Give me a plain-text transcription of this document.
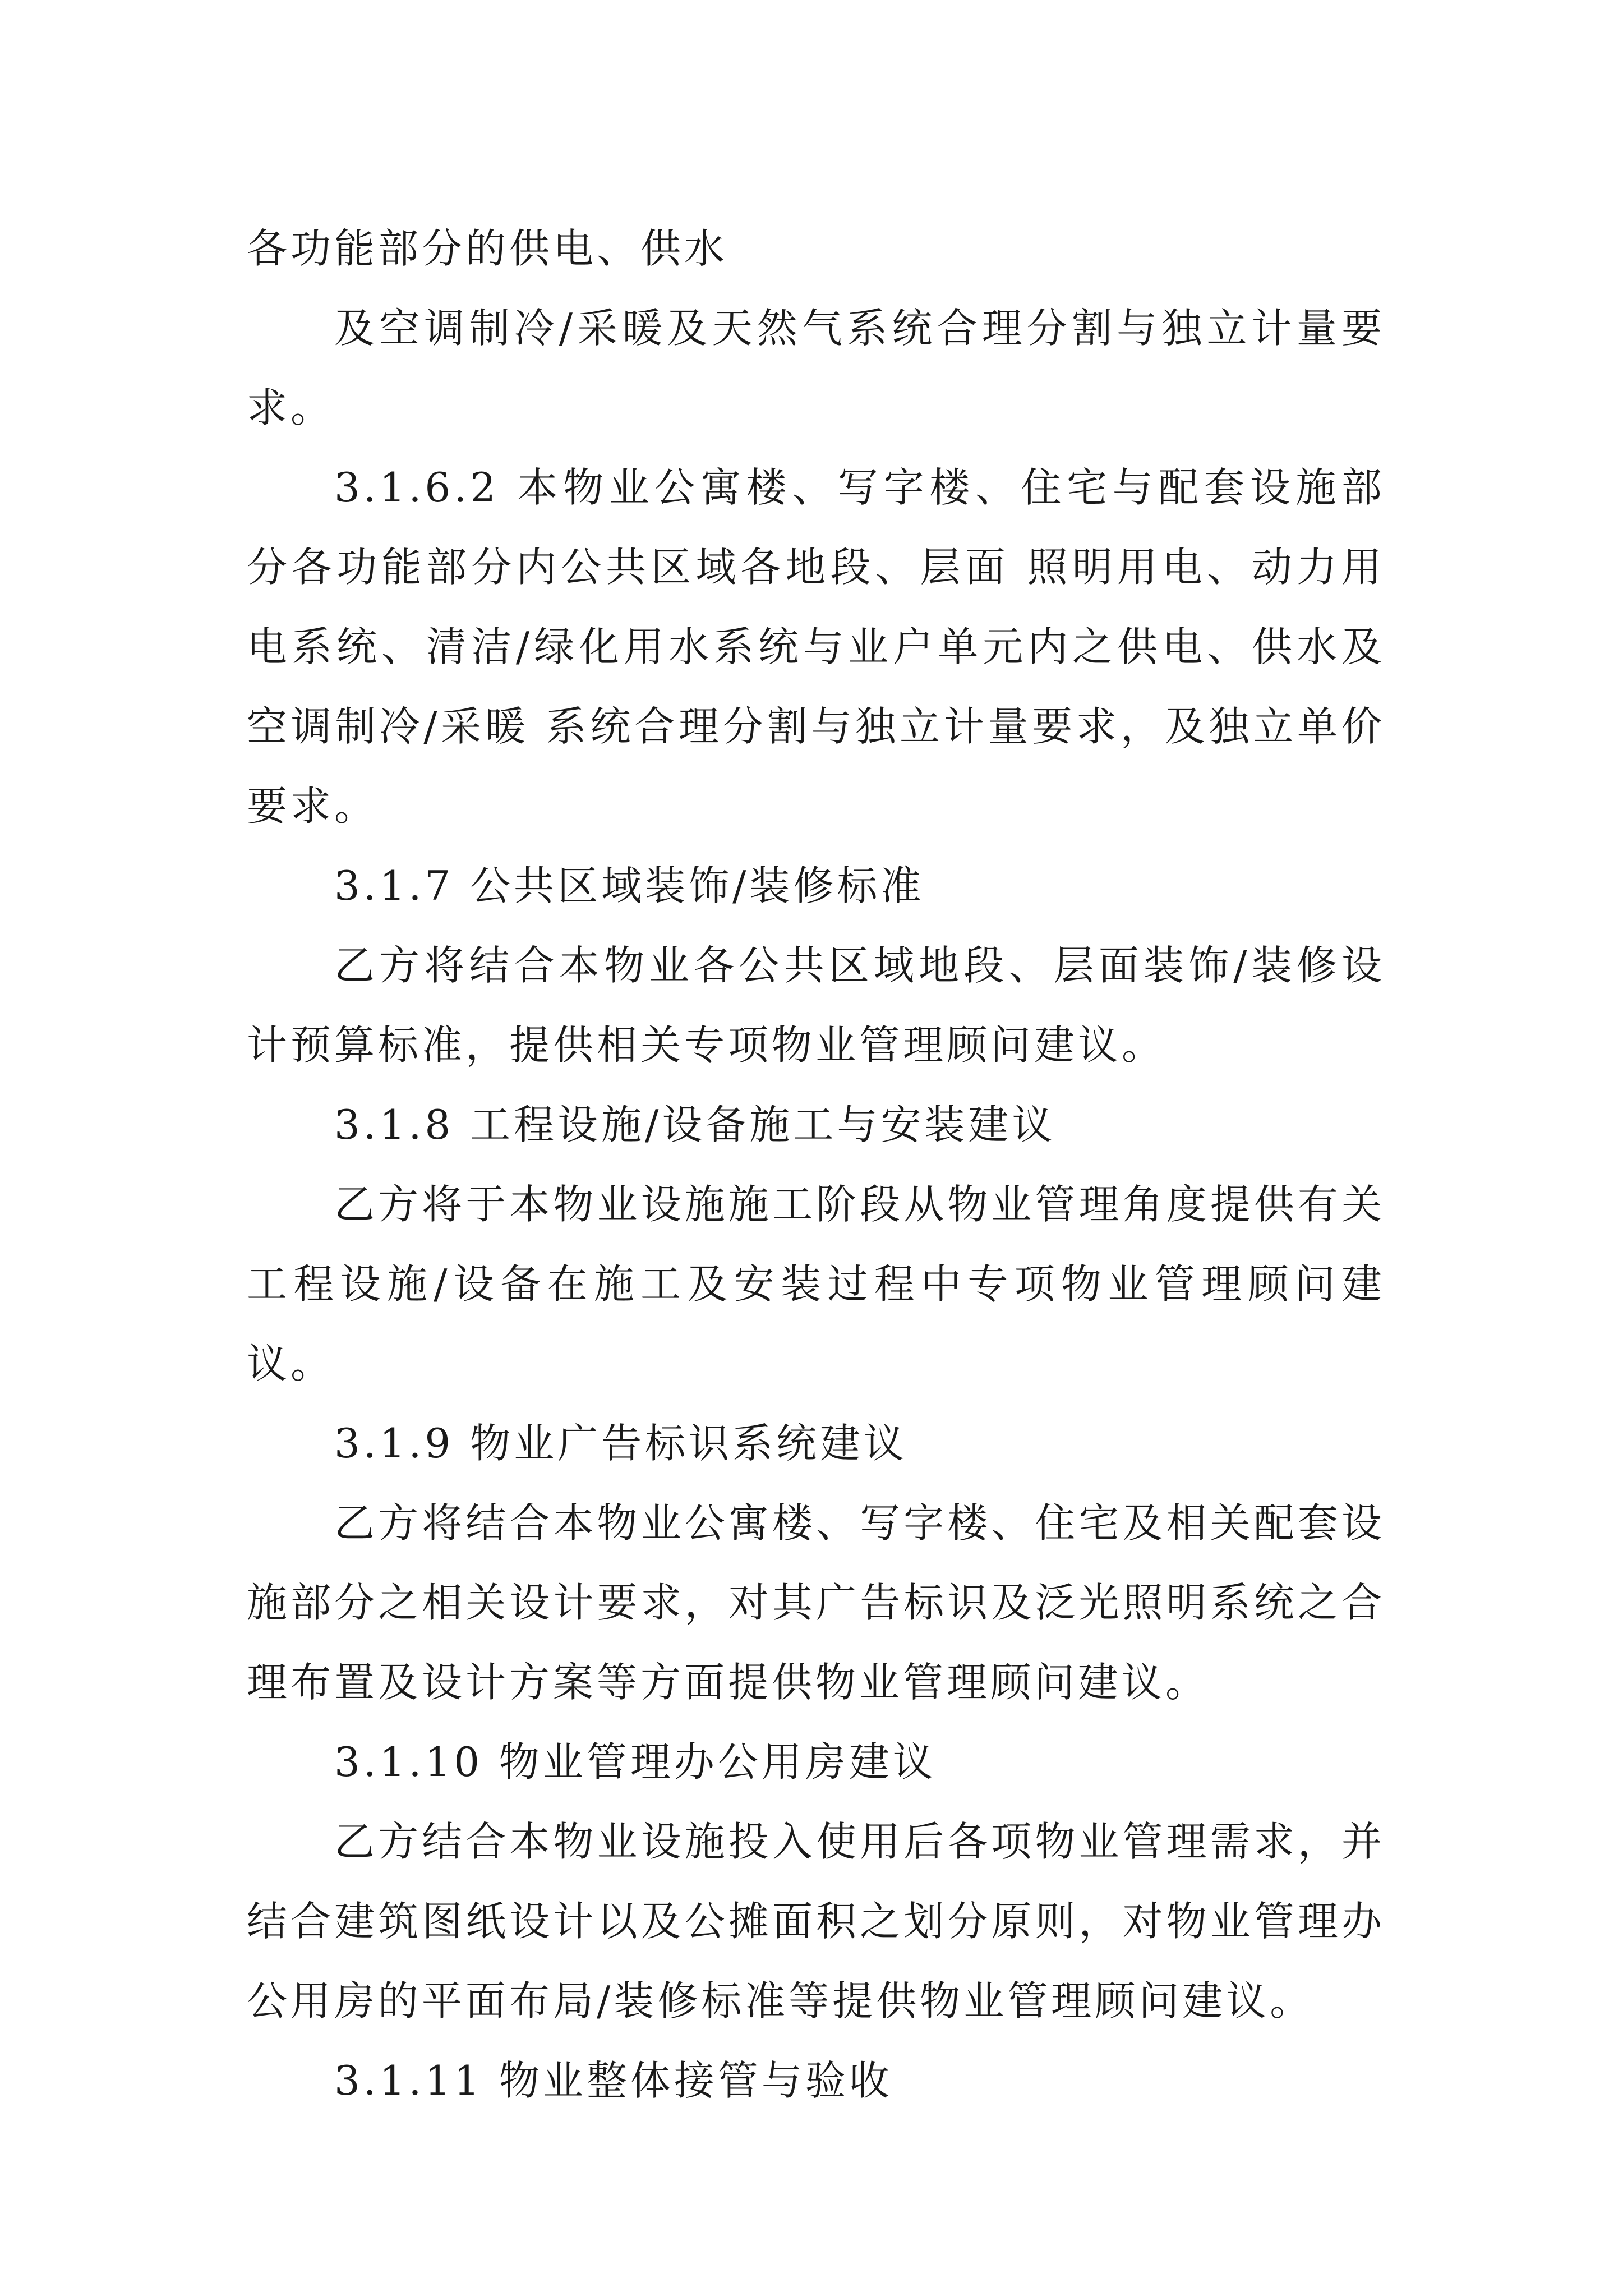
各功能部分的供电、供水

及空调制冷/采暖及天然气系统合理分割与独立计量要求。

3.1.6.2 本物业公寓楼、写字楼、住宅与配套设施部分各功能部分内公共区域各地段、层面 照明用电、动力用电系统、清洁/绿化用水系统与业户单元内之供电、供水及空调制冷/采暖 系统合理分割与独立计量要求，及独立单价要求。

3.1.7 公共区域装饰/装修标准

乙方将结合本物业各公共区域地段、层面装饰/装修设计预算标准，提供相关专项物业管理顾问建议。

3.1.8 工程设施/设备施工与安装建议

乙方将于本物业设施施工阶段从物业管理角度提供有关工程设施/设备在施工及安装过程中专项物业管理顾问建议。

3.1.9 物业广告标识系统建议

乙方将结合本物业公寓楼、写字楼、住宅及相关配套设施部分之相关设计要求，对其广告标识及泛光照明系统之合理布置及设计方案等方面提供物业管理顾问建议。

3.1.10 物业管理办公用房建议

乙方结合本物业设施投入使用后各项物业管理需求，并结合建筑图纸设计以及公摊面积之划分原则，对物业管理办公用房的平面布局/装修标准等提供物业管理顾问建议。

3.1.11 物业整体接管与验收
